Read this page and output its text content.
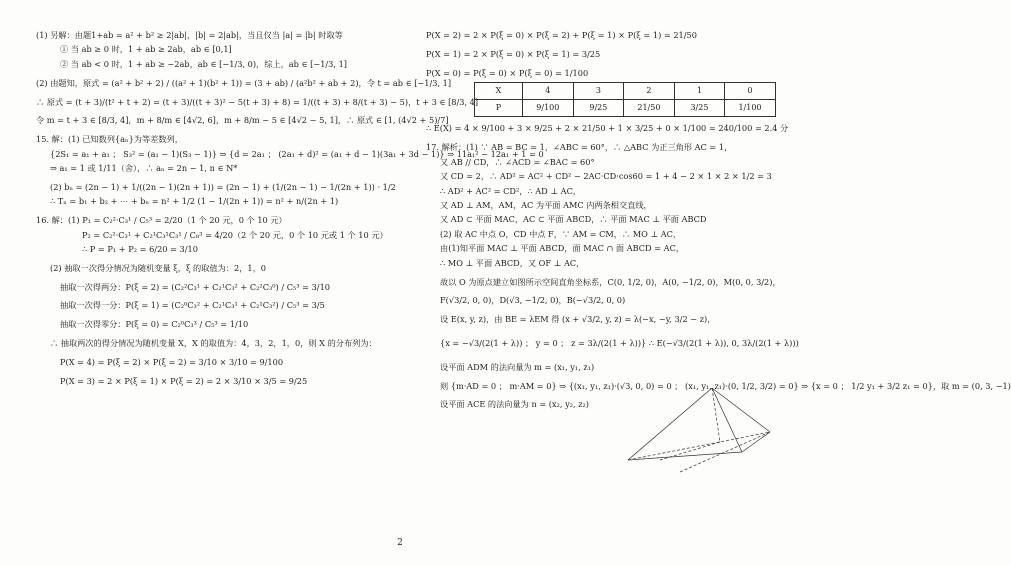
(1) 另解：由题1+ab = a² + b² ≥ 2|ab|，|b| = 2|ab|，当且仅当 |a| = |b| 时取等
① 当 ab ≥ 0 时，1 + ab ≥ 2ab，ab ∈ [0,1]
② 当 ab < 0 时，1 + ab ≥ −2ab，ab ∈ [−1/3, 0)，综上，ab ∈ [−1/3, 1]
(2) 由题知，原式 = (a² + b² + 2) / ((a² + 1)(b² + 1)) = (3 + ab) / (a²b² + ab + 2)，令 t = ab ∈ [−1/3, 1]
∴ 原式 = (t + 3)/(t² + t + 2) = (t + 3)/((t + 3)² − 5(t + 3) + 8) = 1/((t + 3) + 8/(t + 3) − 5)，t + 3 ∈ [8/3, 4]
令 m = t + 3 ∈ [8/3, 4]，m + 8/m ∈ [4√2, 6]，m + 8/m − 5 ∈ [4√2 − 5, 1]，∴ 原式 ∈ [1, (4√2 + 5)/7]
15. 解：(1) 已知数列{aₙ}为等差数列，
{2S₁ = a₁ + a₁ ； S₃² = (a₁ − 1)(S₃ − 1)} ⇒ {d = 2a₁ ； (2a₁ + d)² = (a₁ + d − 1)(3a₁ + 3d − 1)} ⇒ 11a₁² − 12a₁ + 1 = 0
⇒ a₁ = 1 或 1/11（舍），∴ aₙ = 2n − 1, n ∈ N*
(2) bₙ = (2n − 1) + 1/((2n − 1)(2n + 1)) = (2n − 1) + (1/(2n − 1) − 1/(2n + 1)) · 1/2
∴ Tₙ = b₁ + b₂ + ⋯ + bₙ = n² + 1/2 (1 − 1/(2n + 1)) = n² + n/(2n + 1)
16. 解：(1) P₁ = C₂²·C₃¹ / C₅³ = 2/20（1 个 20 元，0 个 10 元）
P₂ = C₂²·C₃¹ + C₂¹C₃¹C₃¹ / C₈³ = 4/20（2 个 20 元，0 个 10 元或 1 个 10 元）
∴ P = P₁ + P₂ = 6/20 = 3/10
(2) 抽取一次得分情况为随机变量 ξ，ξ 的取值为：2，1，0
抽取一次得两分：P(ξ = 2) = (C₂²C₃¹ + C₂¹C₃² + C₂²C₃⁰) / C₅³ = 3/10
抽取一次得一分：P(ξ = 1) = (C₂⁰C₃² + C₂¹C₃¹ + C₂¹C₃²) / C₅³ = 3/5
抽取一次得零分：P(ξ = 0) = C₂⁰C₃³ / C₅³ = 1/10
∴ 抽取两次的得分情况为随机变量 X，X 的取值为：4，3，2，1，0，则 X 的分布列为：
P(X = 4) = P(ξ = 2) × P(ξ = 2) = 3/10 × 3/10 = 9/100
P(X = 3) = 2 × P(ξ = 1) × P(ξ = 2) = 2 × 3/10 × 3/5 = 9/25
P(X = 2) = 2 × P(ξ = 0) × P(ξ = 2) + P(ξ = 1) × P(ξ = 1) = 21/50
P(X = 1) = 2 × P(ξ = 0) × P(ξ = 1) = 3/25
P(X = 0) = P(ξ = 0) × P(ξ = 0) = 1/100
X	4	3	2	1	0
P	9/100	9/25	21/50	3/25	1/100
∴ E(X) = 4 × 9/100 + 3 × 9/25 + 2 × 21/50 + 1 × 3/25 + 0 × 1/100 = 240/100 = 2.4 分
17. 解析：(1) ∵ AB = BC = 1，∠ABC = 60°，∴ △ABC 为正三角形 AC = 1，
又 AB // CD，∴ ∠ACD = ∠BAC = 60°
又 CD = 2，∴ AD² = AC² + CD² − 2AC·CD·cos60 = 1 + 4 − 2 × 1 × 2 × 1/2 = 3
∴ AD² + AC² = CD²，∴ AD ⊥ AC，
又 AD ⊥ AM，AM，AC 为平面 AMC 内两条相交直线，
又 AD ⊂ 平面 MAC，AC ⊂ 平面 ABCD，∴ 平面 MAC ⊥ 平面 ABCD
(2) 取 AC 中点 O，CD 中点 F，∵ AM = CM，∴ MO ⊥ AC，
由(1)知平面 MAC ⊥ 平面 ABCD，面 MAC ∩ 面 ABCD = AC，
∴ MO ⊥ 平面 ABCD，又 OF ⊥ AC，
故以 O 为原点建立如图所示空间直角坐标系，C(0, 1/2, 0)，A(0, −1/2, 0)，M(0, 0, 3/2)，
F(√3/2, 0, 0)，D(√3, −1/2, 0)，B(−√3/2, 0, 0)
设 E(x, y, z)，由 BE = λEM 得 (x + √3/2, y, z) = λ(−x, −y, 3/2 − z)，
{x = −√3/(2(1 + λ)) ； y = 0 ； z = 3λ/(2(1 + λ))} ∴ E(−√3/(2(1 + λ)), 0, 3λ/(2(1 + λ)))
设平面 ADM 的法向量为 m = (x₁, y₁, z₁)
则 {m·AD = 0 ； m·AM = 0} ⇒ {(x₁, y₁, z₁)·(√3, 0, 0) = 0 ； (x₁, y₁, z₁)·(0, 1/2, 3/2) = 0} ⇒ {x = 0 ； 1/2 y₁ + 3/2 z₁ = 0}，取 m = (0, 3, −1)
设平面 ACE 的法向量为 n = (x₂, y₂, z₂)
2
